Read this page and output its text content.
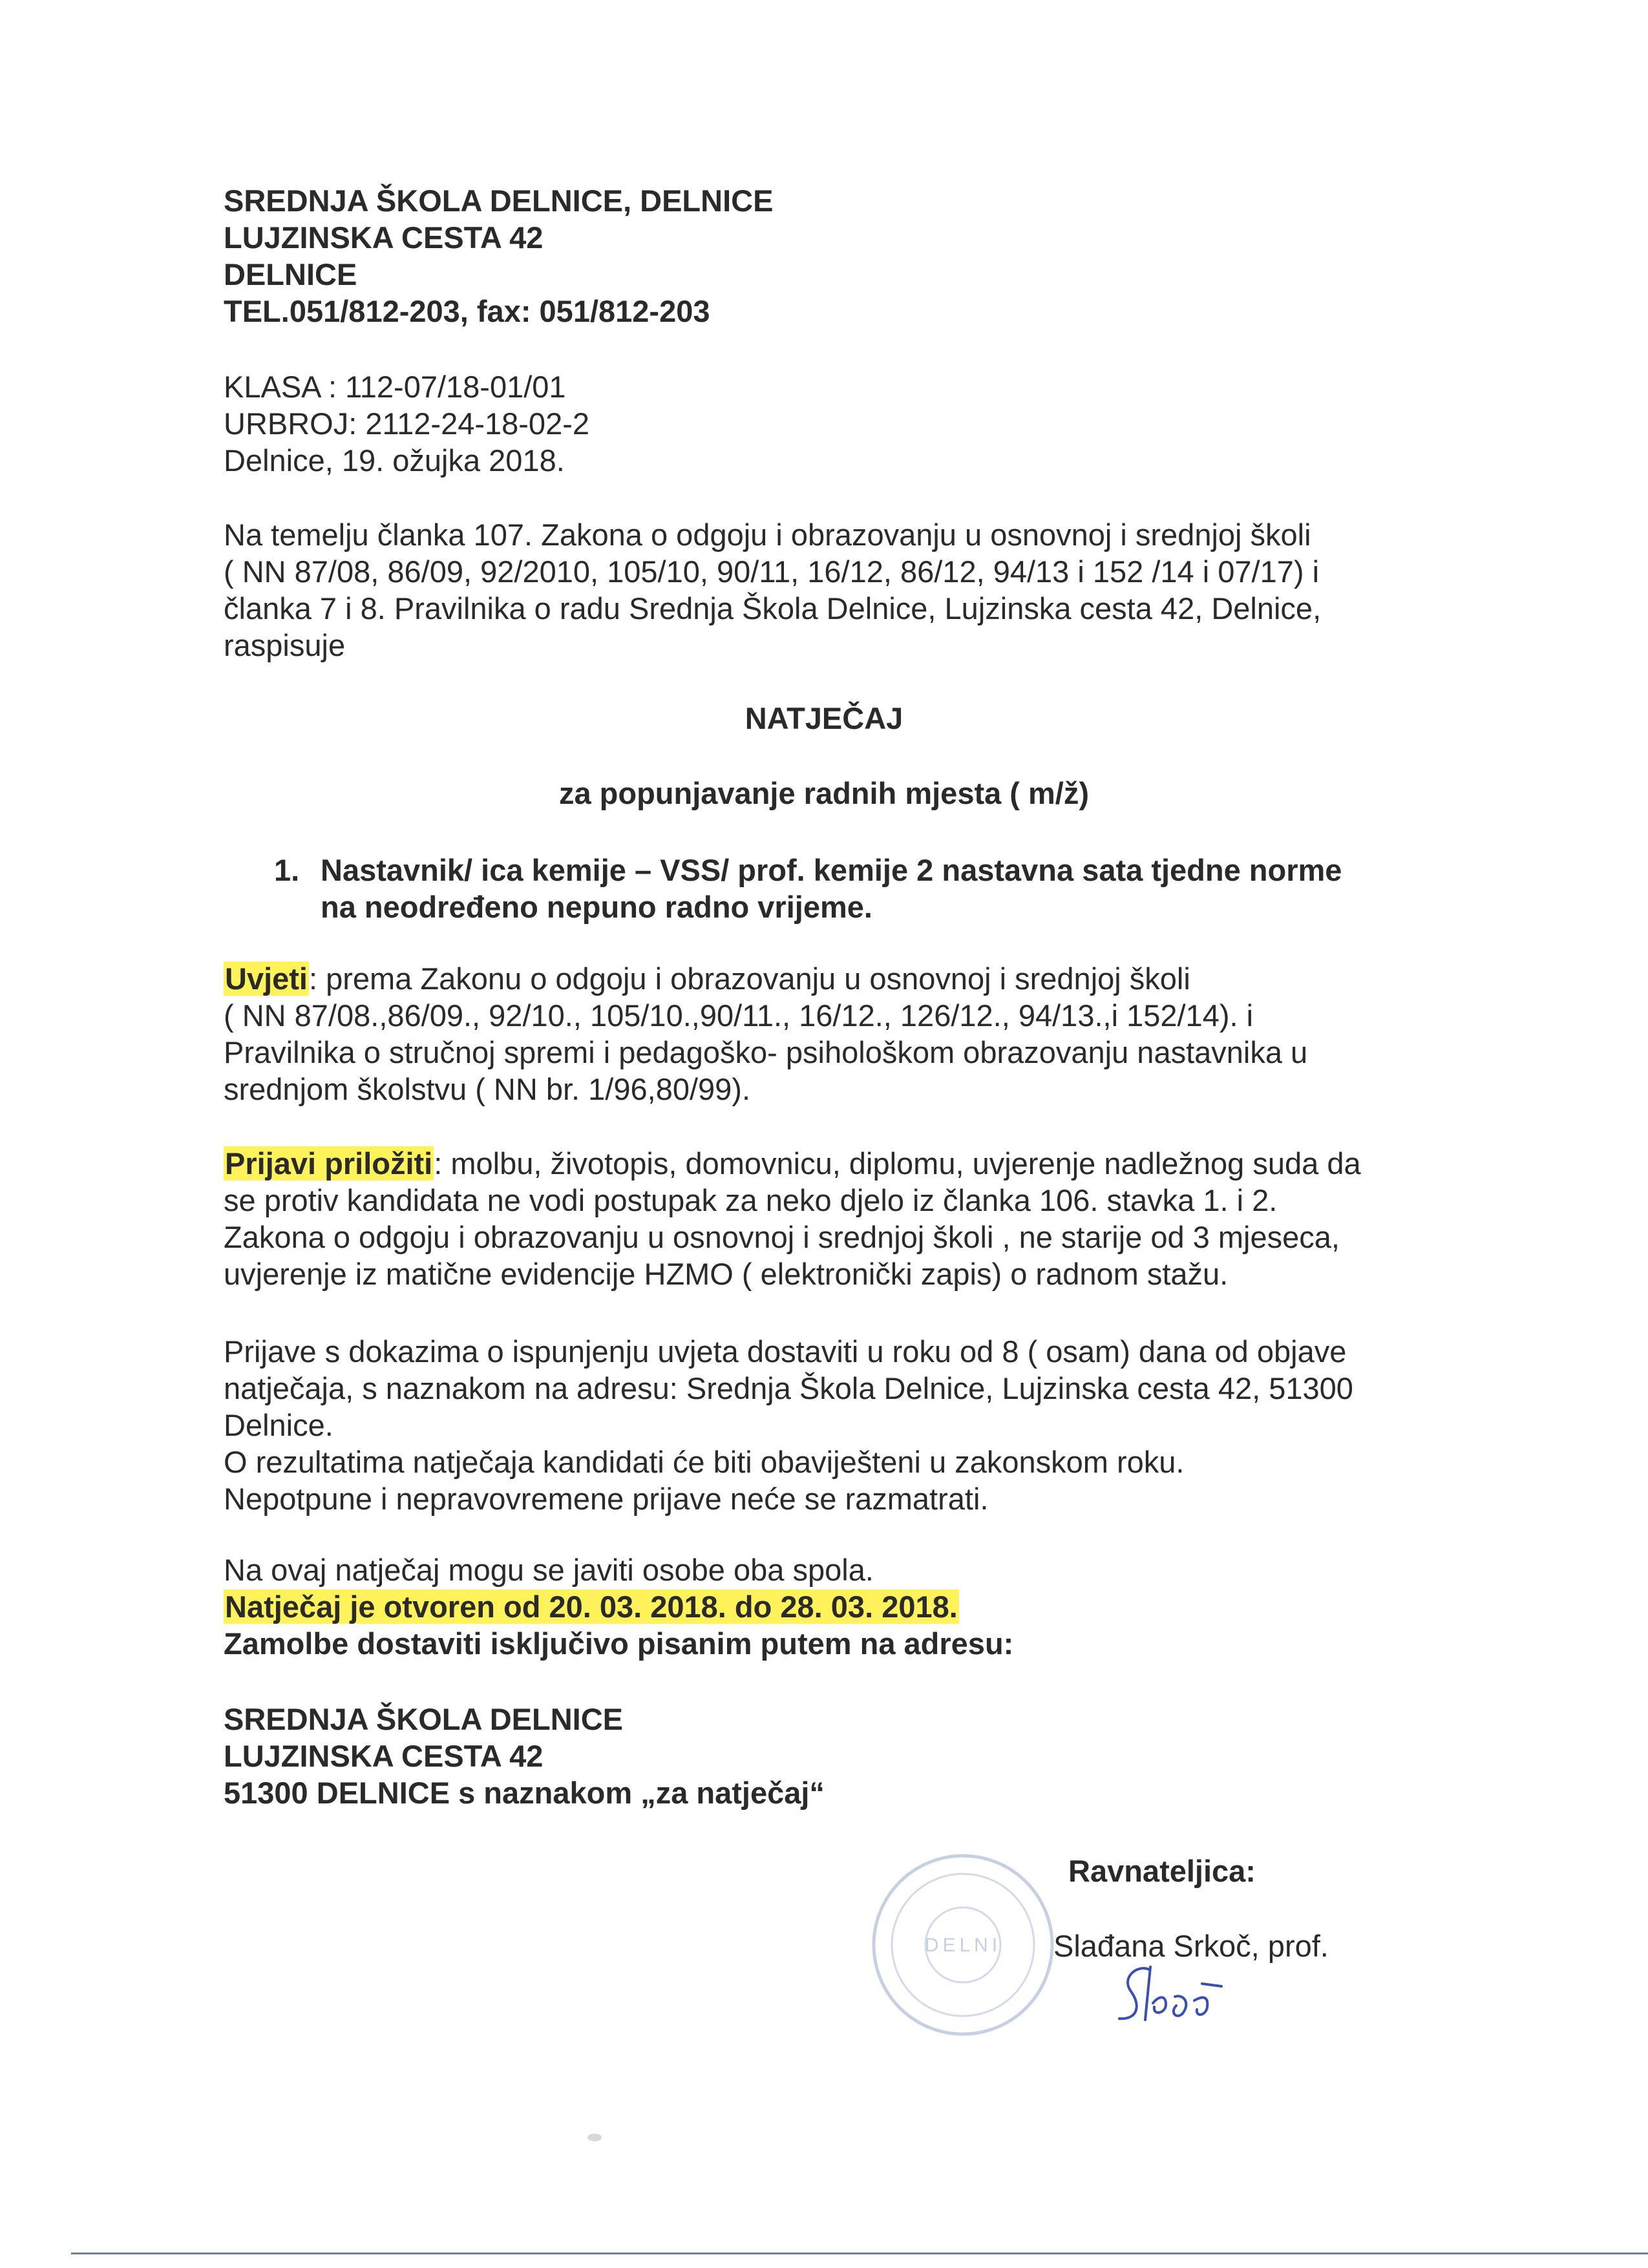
SREDNJA ŠKOLA DELNICE, DELNICE
LUJZINSKA CESTA 42
DELNICE
TEL.051/812-203, fax: 051/812-203
KLASA : 112-07/18-01/01
URBROJ: 2112-24-18-02-2
Delnice, 19. ožujka 2018.
Na temelju članka 107. Zakona o odgoju i obrazovanju u osnovnoj i srednjoj školi
( NN 87/08, 86/09, 92/2010, 105/10, 90/11, 16/12, 86/12, 94/13 i 152 /14 i 07/17) i
članka 7 i 8. Pravilnika o radu Srednja Škola Delnice, Lujzinska cesta 42, Delnice,
raspisuje
NATJEČAJ
za popunjavanje radnih mjesta ( m/ž)
1. Nastavnik/ ica kemije – VSS/ prof. kemije 2 nastavna sata tjedne norme
na neodređeno nepuno radno vrijeme.
Uvjeti: prema Zakonu o odgoju i obrazovanju u osnovnoj i srednjoj školi
( NN 87/08.,86/09., 92/10., 105/10.,90/11., 16/12., 126/12., 94/13.,i 152/14). i
Pravilnika o stručnoj spremi i pedagoško- psihološkom obrazovanju nastavnika u
srednjom školstvu ( NN br. 1/96,80/99).
Prijavi priložiti: molbu, životopis, domovnicu, diplomu, uvjerenje nadležnog suda da
se protiv kandidata ne vodi postupak za neko djelo iz članka 106. stavka 1. i 2.
Zakona o odgoju i obrazovanju u osnovnoj i srednjoj školi , ne starije od 3 mjeseca,
uvjerenje iz matične evidencije HZMO ( elektronički zapis) o radnom stažu.
Prijave s dokazima o ispunjenju uvjeta dostaviti u roku od 8 ( osam) dana od objave
natječaja, s naznakom na adresu: Srednja Škola Delnice, Lujzinska cesta 42, 51300
Delnice.
O rezultatima natječaja kandidati će biti obaviješteni u zakonskom roku.
Nepotpune i nepravovremene prijave neće se razmatrati.
Na ovaj natječaj mogu se javiti osobe oba spola.
Natječaj je otvoren od 20. 03. 2018. do 28. 03. 2018.
Zamolbe dostaviti isključivo pisanim putem na adresu:
SREDNJA ŠKOLA DELNICE
LUJZINSKA CESTA 42
51300 DELNICE s naznakom „za natječaj“
DELNI
Ravnateljica:
Slađana Srkoč, prof.
